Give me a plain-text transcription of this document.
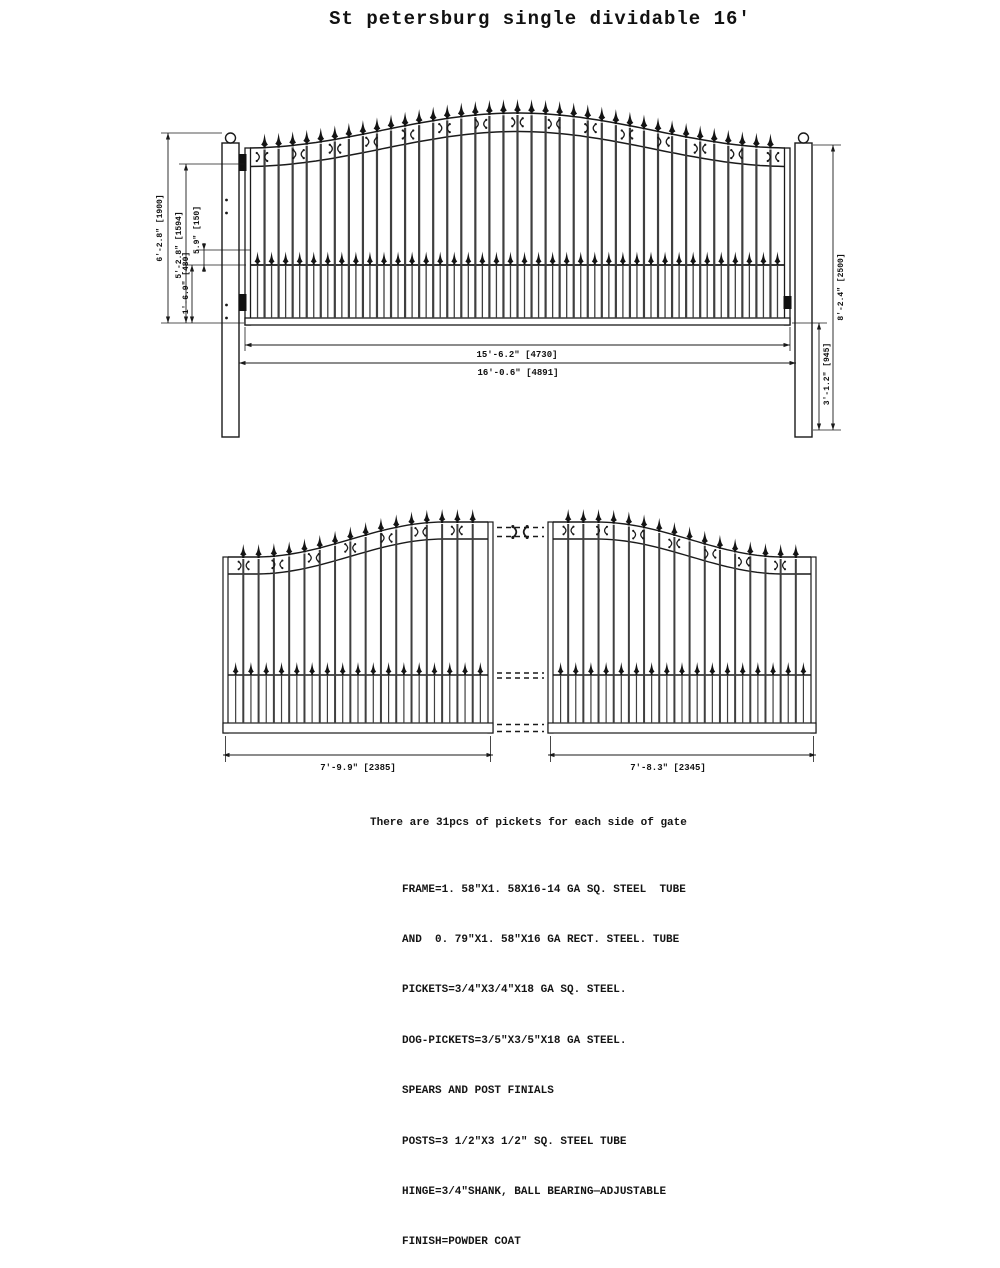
St petersburg single dividable 16'
6'-2.8" [1900] 5'-2.8" [1594] 5.9" [150]
1'-6.9" [480]	8'-2.4" [2500]
3'-1.2" [945]
15'-6.2" [4730]
16'-0.6" [4891]
7'-9.9" [2385]	7'-8.3" [2345]
There are 31pcs of pickets for each side of gate

FRAME=1. 58"X1. 58X16-14 GA SQ. STEEL  TUBE

AND  0. 79"X1. 58"X16 GA RECT. STEEL. TUBE

PICKETS=3/4"X3/4"X18 GA SQ. STEEL.

DOG-PICKETS=3/5"X3/5"X18 GA STEEL.

SPEARS AND POST FINIALS

POSTS=3 1/2"X3 1/2" SQ. STEEL TUBE

HINGE=3/4"SHANK, BALL BEARING—ADJUSTABLE

FINISH=POWDER COAT
